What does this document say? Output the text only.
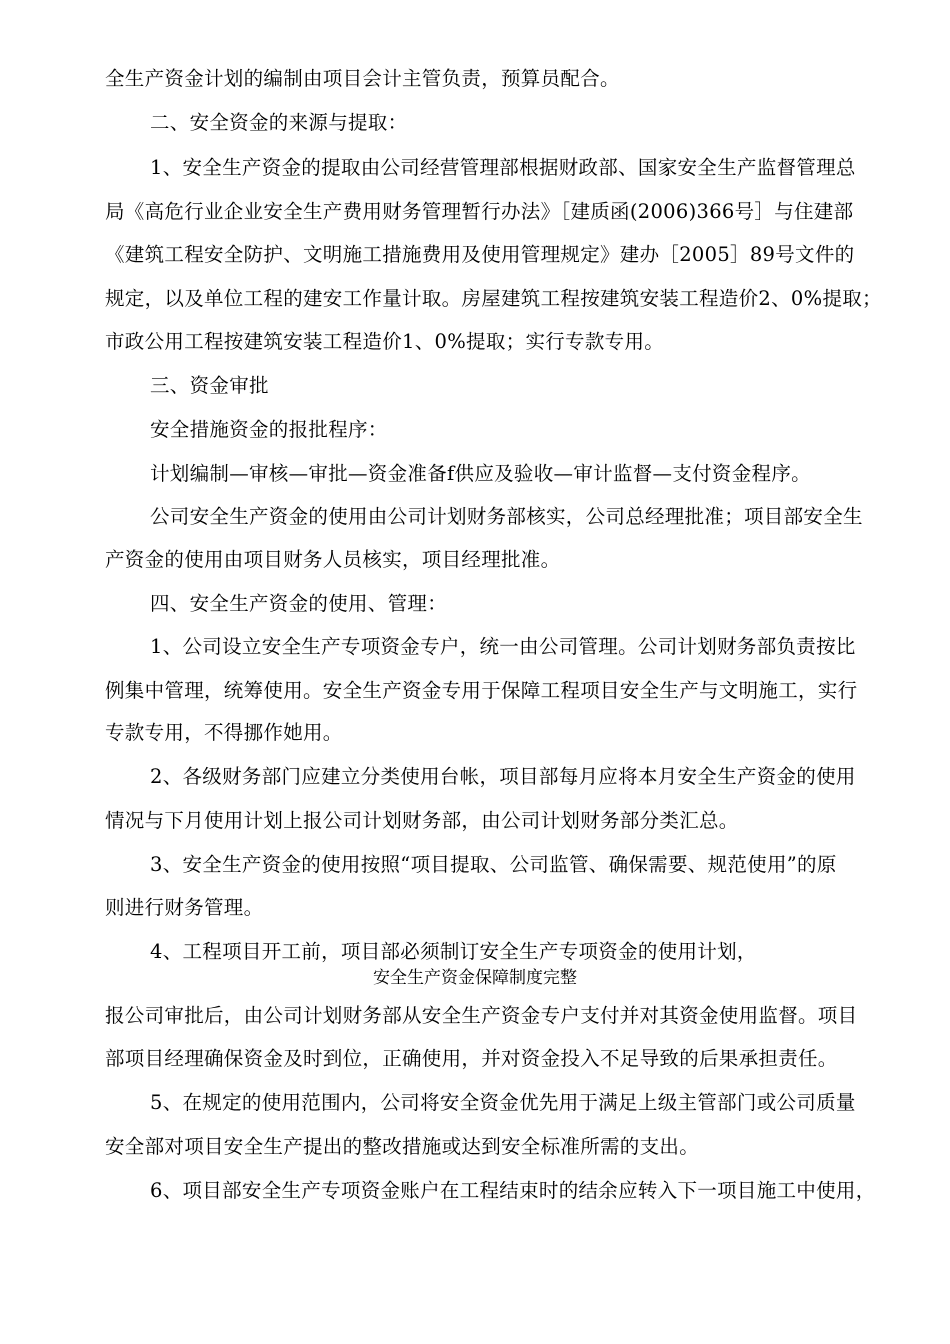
全生产资金计划的编制由项目会计主管负责，预算员配合。
二、安全资金的来源与提取：
1、安全生产资金的提取由公司经营管理部根据财政部、国家安全生产监督管理总
局《高危行业企业安全生产费用财务管理暂行办法》［建质函(2006)366号］与住建部
《建筑工程安全防护、文明施工措施费用及使用管理规定》建办［2005］89号文件的
规定，以及单位工程的建安工作量计取。房屋建筑工程按建筑安装工程造价2、0%提取；
市政公用工程按建筑安装工程造价1、0%提取；实行专款专用。
三、资金审批
安全措施资金的报批程序：
计划编制—审核—审批—资金准备f供应及验收—审计监督—支付资金程序。
公司安全生产资金的使用由公司计划财务部核实，公司总经理批准；项目部安全生
产资金的使用由项目财务人员核实，项目经理批准。
四、安全生产资金的使用、管理：
1、公司设立安全生产专项资金专户，统一由公司管理。公司计划财务部负责按比
例集中管理，统筹使用。安全生产资金专用于保障工程项目安全生产与文明施工，实行
专款专用，不得挪作她用。
2、各级财务部门应建立分类使用台帐，项目部每月应将本月安全生产资金的使用
情况与下月使用计划上报公司计划财务部，由公司计划财务部分类汇总。
3、安全生产资金的使用按照“项目提取、公司监管、确保需要、规范使用”的原
则进行财务管理。
4、工程项目开工前，项目部必须制订安全生产专项资金的使用计划，
安全生产资金保障制度完整
报公司审批后，由公司计划财务部从安全生产资金专户支付并对其资金使用监督。项目
部项目经理确保资金及时到位，正确使用，并对资金投入不足导致的后果承担责任。
5、在规定的使用范围内，公司将安全资金优先用于满足上级主管部门或公司质量
安全部对项目安全生产提出的整改措施或达到安全标准所需的支出。
6、项目部安全生产专项资金账户在工程结束时的结余应转入下一项目施工中使用，
